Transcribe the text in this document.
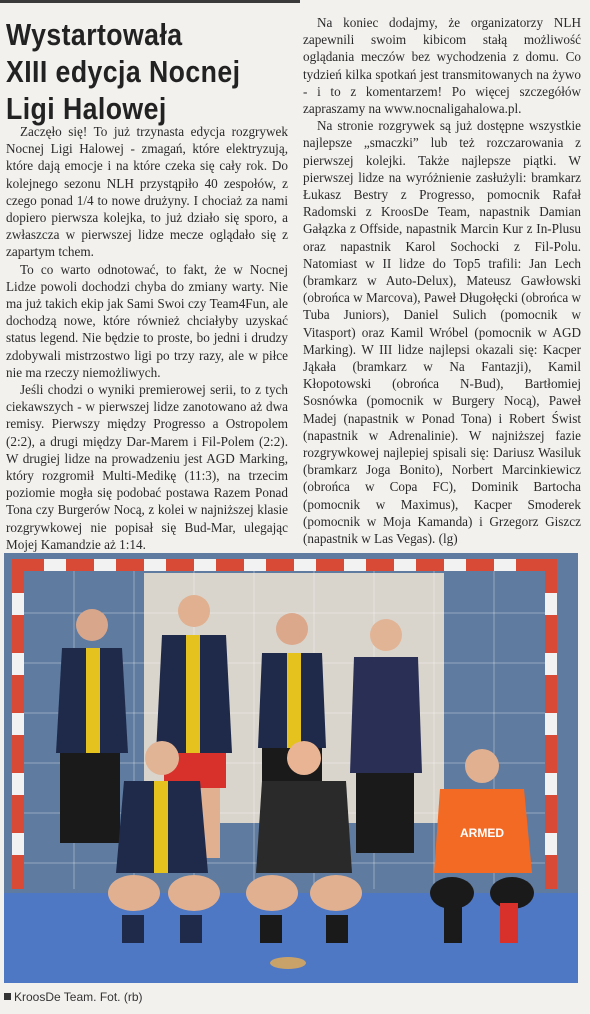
Wystartowała
XIII edycja Nocnej
Ligi Halowej

Zaczęło się! To już trzynasta edycja rozgrywek Nocnej Ligi Halowej - zmagań, które elektryzują, które dają emocje i na które czeka się cały rok. Do kolejnego sezonu NLH przystąpiło 40 zespołów, z czego ponad 1/4 to nowe drużyny. I chociaż za nami dopiero pierwsza kolejka, to już działo się sporo, a zwłaszcza w pierwszej lidze mecze oglądało się z zapartym tchem.

To co warto odnotować, to fakt, że w Nocnej Lidze powoli dochodzi chyba do zmiany warty. Nie ma już takich ekip jak Sami Swoi czy Team4Fun, ale dochodzą nowe, które również chciałyby uzyskać status legend. Nie będzie to proste, bo jedni i drudzy zdobywali mistrzostwo ligi po trzy razy, ale w piłce nie ma rzeczy niemożliwych.

Jeśli chodzi o wyniki premierowej serii, to z tych ciekawszych - w pierwszej lidze zanotowano aż dwa remisy. Pierwszy między Progresso a Ostropolem (2:2), a drugi między Dar-Marem i Fil-Polem (2:2). W drugiej lidze na prowadzeniu jest AGD Marking, który rozgromił Multi-Medikę (11:3), na trzecim poziomie mogła się podobać postawa Razem Ponad Tona czy Burgerów Nocą, z kolei w najniższej klasie rozgrywkowej nie popisał się Bud-Mar, ulegając Mojej Kamandzie aż 1:14.

Na koniec dodajmy, że organizatorzy NLH zapewnili swoim kibicom stałą możliwość oglądania meczów bez wychodzenia z domu. Co tydzień kilka spotkań jest transmitowanych na żywo - i to z komentarzem! Po więcej szczegółów zapraszamy na www.nocnaligahalowa.pl.

Na stronie rozgrywek są już dostępne wszystkie najlepsze „smaczki” lub też rozczarowania z pierwszej kolejki. Także najlepsze piątki. W pierwszej lidze na wyróżnienie zasłużyli: bramkarz Łukasz Bestry z Progresso, pomocnik Rafał Radomski z KroosDe Team, napastnik Damian Gałązka z Offside, napastnik Marcin Kur z In-Plusu oraz napastnik Karol Sochocki z Fil-Polu. Natomiast w II lidze do Top5 trafili: Jan Lech (bramkarz w Auto-Delux), Mateusz Gawłowski (obrońca w Marcova), Paweł Długołęcki (obrońca w Tuba Juniors), Daniel Sulich (pomocnik w Vitasport) oraz Kamil Wróbel (pomocnik w AGD Marking). W III lidze najlepsi okazali się: Kacper Jąkała (bramkarz w Na Fantazji), Kamil Kłopotowski (obrońca N-Bud), Bartłomiej Sosnówka (pomocnik w Burgery Nocą), Paweł Madej (napastnik w Ponad Tona) i Robert Świst (napastnik w Adrenalinie). W najniższej fazie rozgrywkowej najlepiej spisali się: Dariusz Wasiluk (bramkarz Joga Bonito), Norbert Marcinkiewicz (obrońca w Copa FC), Dominik Bartocha (pomocnik w Maximus), Kacper Smoderek (pomocnik w Moja Kamanda) i Grzegorz Giszcz (napastnik w Las Vegas). (lg)

ARMED
KroosDe Team. Fot. (rb)
